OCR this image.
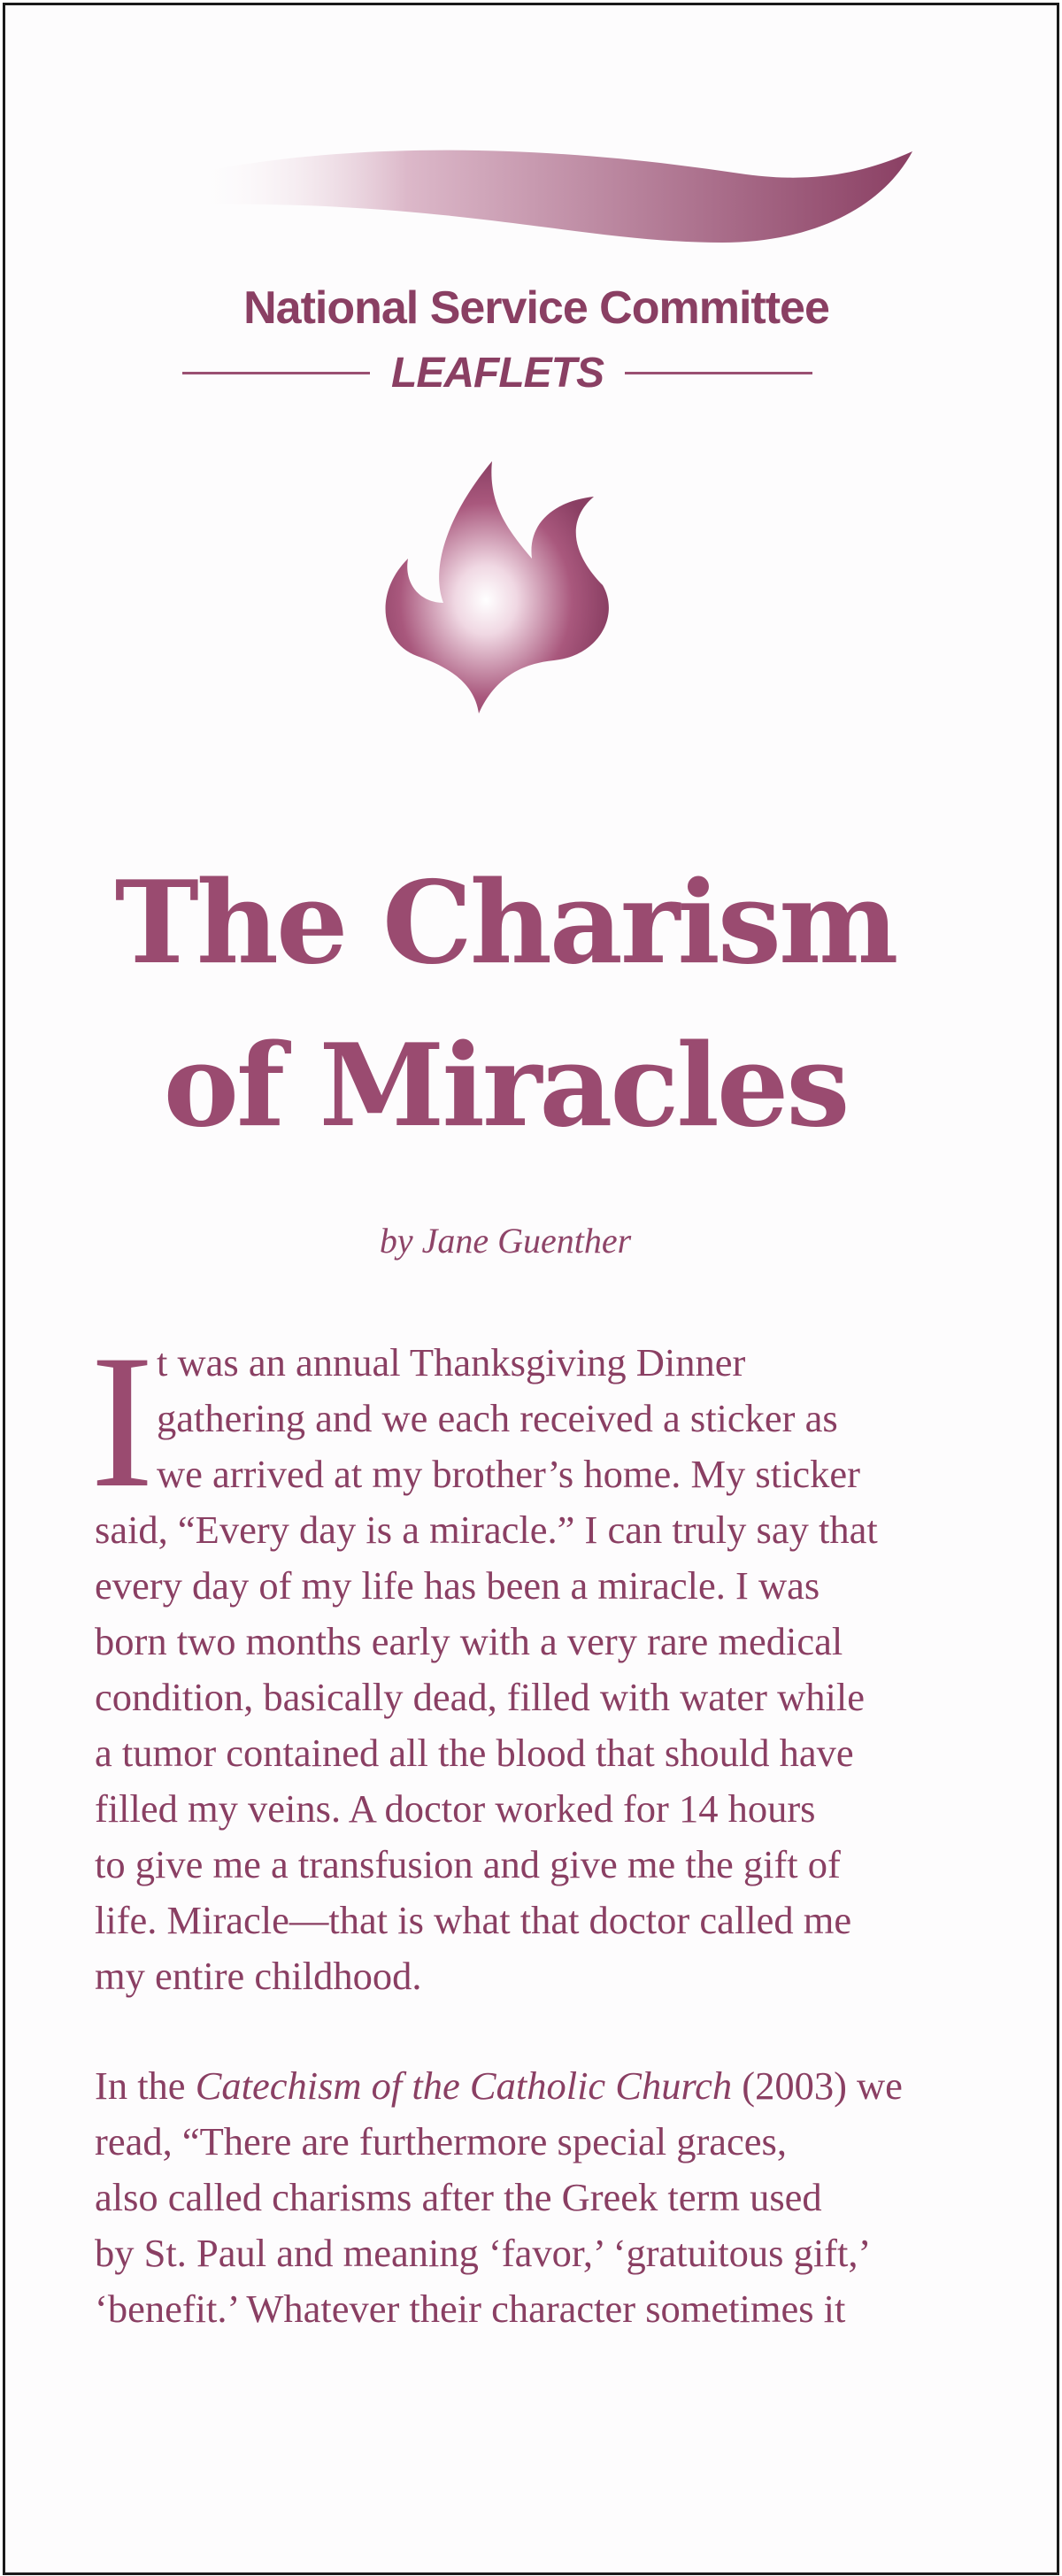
National Service Committee
LEAFLETS
The Charism
of Miracles
by Jane Guenther
I t was an annual Thanksgiving Dinner
gathering and we each received a sticker as
we arrived at my brother’s home. My sticker
said, “Every day is a miracle.” I can truly say that
every day of my life has been a miracle. I was
born two months early with a very rare medical
condition, basically dead, filled with water while
a tumor contained all the blood that should have
filled my veins. A doctor worked for 14 hours
to give me a transfusion and give me the gift of
life. Miracle—that is what that doctor called me
my entire childhood.
In the Catechism of the Catholic Church (2003) we
read, “There are furthermore special graces,
also called charisms after the Greek term used
by St. Paul and meaning ‘favor,’ ‘gratuitous gift,’
‘benefit.’ Whatever their character sometimes it
